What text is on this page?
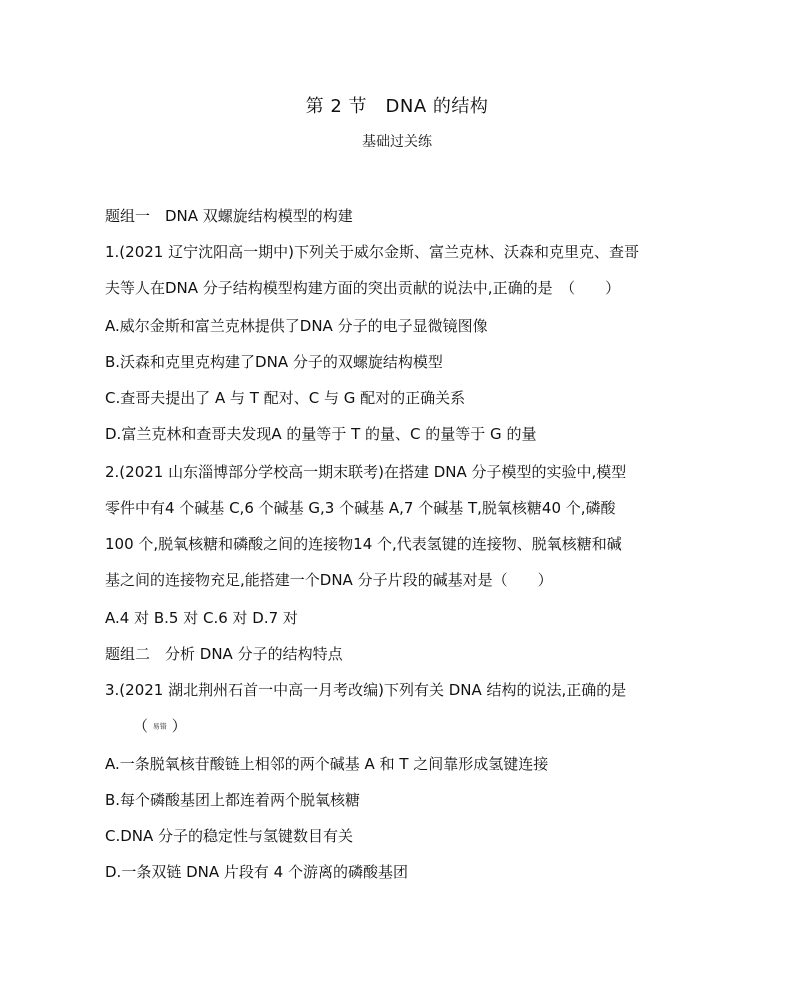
第 2 节　DNA 的结构
基础过关练
题组一　DNA 双螺旋结构模型的构建
1.(2021 辽宁沈阳高一期中)下列关于威尔金斯、富兰克林、沃森和克里克、查哥
夫等人在DNA 分子结构模型构建方面的突出贡献的说法中,正确的是　（　　）
A.威尔金斯和富兰克林提供了DNA 分子的电子显微镜图像
B.沃森和克里克构建了DNA 分子的双螺旋结构模型
C.查哥夫提出了 A 与 T 配对、C 与 G 配对的正确关系
D.富兰克林和查哥夫发现A 的量等于 T 的量、C 的量等于 G 的量
2.(2021 山东淄博部分学校高一期末联考)在搭建 DNA 分子模型的实验中,模型
零件中有4 个碱基 C,6 个碱基 G,3 个碱基 A,7 个碱基 T,脱氧核糖40 个,磷酸
100 个,脱氧核糖和磷酸之间的连接物14 个,代表氢键的连接物、脱氧核糖和碱
基之间的连接物充足,能搭建一个DNA 分子片段的碱基对是（　　）
A.4 对 B.5 对 C.6 对 D.7 对
题组二　分析 DNA 分子的结构特点
3.(2021 湖北荆州石首一中高一月考改编)下列有关 DNA 结构的说法,正确的是
（ 易错 ）
A.一条脱氧核苷酸链上相邻的两个碱基 A 和 T 之间靠形成氢键连接
B.每个磷酸基团上都连着两个脱氧核糖
C.DNA 分子的稳定性与氢键数目有关
D.一条双链 DNA 片段有 4 个游离的磷酸基团
